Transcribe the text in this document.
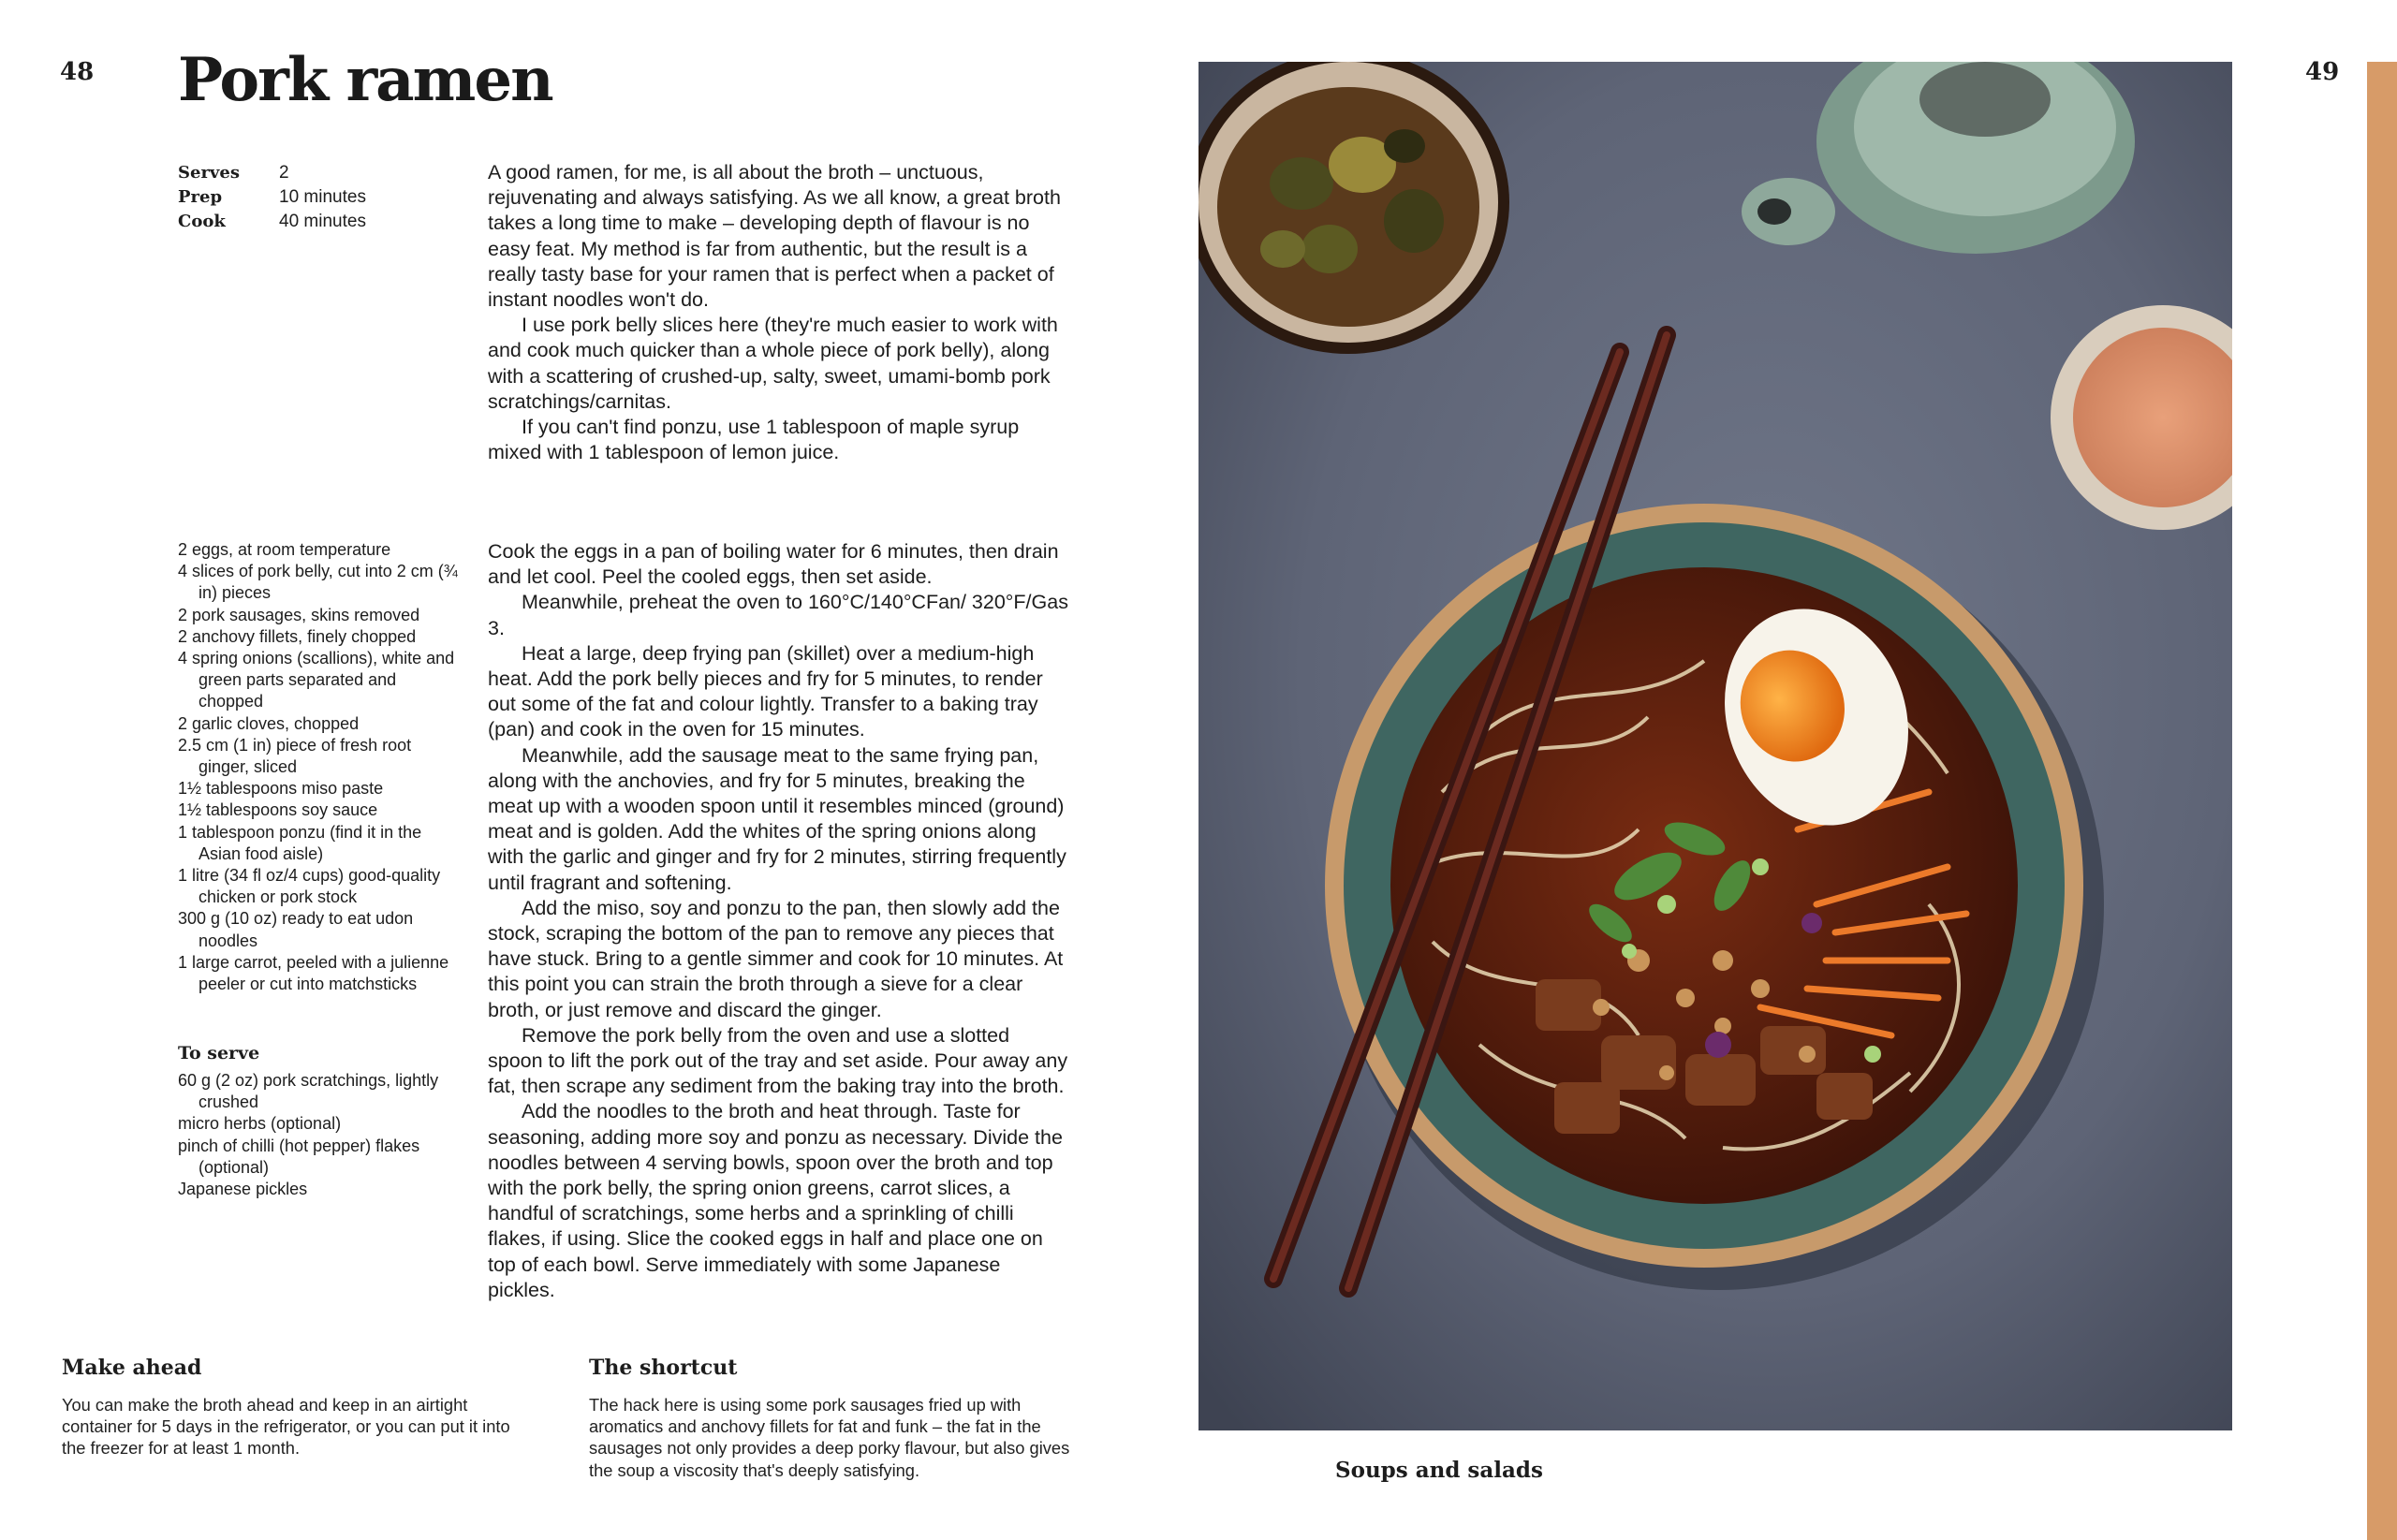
48	49
Pork ramen
Serves	2
Prep	10 minutes
Cook	40 minutes

A good ramen, for me, is all about the broth – unctuous, rejuvenating and always satisfying. As we all know, a great broth takes a long time to make – developing depth of flavour is no easy feat. My method is far from authentic, but the result is a really tasty base for your ramen that is perfect when a packet of instant noodles won't do.

I use pork belly slices here (they're much easier to work with and cook much quicker than a whole piece of pork belly), along with a scattering of crushed-up, salty, sweet, umami-bomb pork scratchings/carnitas.

If you can't find ponzu, use 1 tablespoon of maple syrup mixed with 1 tablespoon of lemon juice.

2 eggs, at room temperature
4 slices of pork belly, cut into 2 cm (¾ in) pieces
2 pork sausages, skins removed
2 anchovy fillets, finely chopped
4 spring onions (scallions), white and green parts separated and chopped
2 garlic cloves, chopped
2.5 cm (1 in) piece of fresh root ginger, sliced
1½ tablespoons miso paste
1½ tablespoons soy sauce
1 tablespoon ponzu (find it in the Asian food aisle)
1 litre (34 fl oz/4 cups) good-quality chicken or pork stock
300 g (10 oz) ready to eat udon noodles
1 large carrot, peeled with a julienne peeler or cut into matchsticks
To serve
60 g (2 oz) pork scratchings, lightly crushed
micro herbs (optional)
pinch of chilli (hot pepper) flakes (optional)
Japanese pickles

Cook the eggs in a pan of boiling water for 6 minutes, then drain and let cool. Peel the cooled eggs, then set aside.

Meanwhile, preheat the oven to 160°C/140°CFan/ 320°F/Gas 3.

Heat a large, deep frying pan (skillet) over a medium-high heat. Add the pork belly pieces and fry for 5 minutes, to render out some of the fat and colour lightly. Transfer to a baking tray (pan) and cook in the oven for 15 minutes.

Meanwhile, add the sausage meat to the same frying pan, along with the anchovies, and fry for 5 minutes, breaking the meat up with a wooden spoon until it resembles minced (ground) meat and is golden. Add the whites of the spring onions along with the garlic and ginger and fry for 2 minutes, stirring frequently until fragrant and softening.

Add the miso, soy and ponzu to the pan, then slowly add the stock, scraping the bottom of the pan to remove any pieces that have stuck. Bring to a gentle simmer and cook for 10 minutes. At this point you can strain the broth through a sieve for a clear broth, or just remove and discard the ginger.

Remove the pork belly from the oven and use a slotted spoon to lift the pork out of the tray and set aside. Pour away any fat, then scrape any sediment from the baking tray into the broth.

Add the noodles to the broth and heat through. Taste for seasoning, adding more soy and ponzu as necessary. Divide the noodles between 4 serving bowls, spoon over the broth and top with the pork belly, the spring onion greens, carrot slices, a handful of scratchings, some herbs and a sprinkling of chilli flakes, if using. Slice the cooked eggs in half and place one on top of each bowl. Serve immediately with some Japanese pickles.

Make ahead
You can make the broth ahead and keep in an airtight container for 5 days in the refrigerator, or you can put it into the freezer for at least 1 month.
The shortcut
The hack here is using some pork sausages fried up with aromatics and anchovy fillets for fat and funk – the fat in the sausages not only provides a deep porky flavour, but also gives the soup a viscosity that's deeply satisfying.	Soups and salads
